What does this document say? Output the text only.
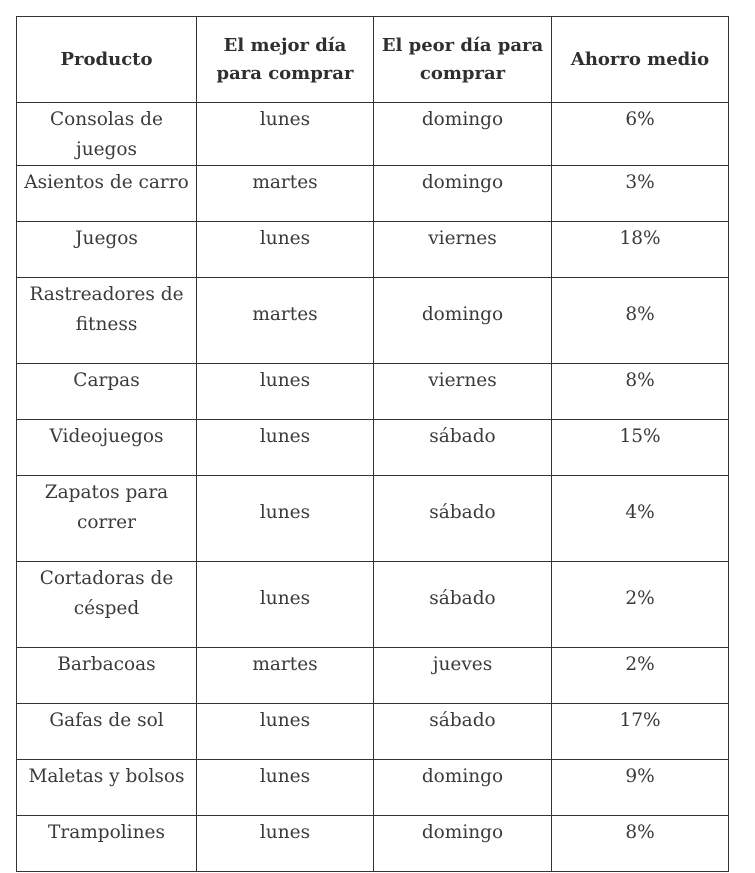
Producto	El mejor día para comprar	El peor día para comprar	Ahorro medio
Consolas de juegos	lunes	domingo	6%
Asientos de carro	martes	domingo	3%
Juegos	lunes	viernes	18%
Rastreadores de fitness	martes	domingo	8%
Carpas	lunes	viernes	8%
Videojuegos	lunes	sábado	15%
Zapatos para correr	lunes	sábado	4%
Cortadoras de césped	lunes	sábado	2%
Barbacoas	martes	jueves	2%
Gafas de sol	lunes	sábado	17%
Maletas y bolsos	lunes	domingo	9%
Trampolines	lunes	domingo	8%
